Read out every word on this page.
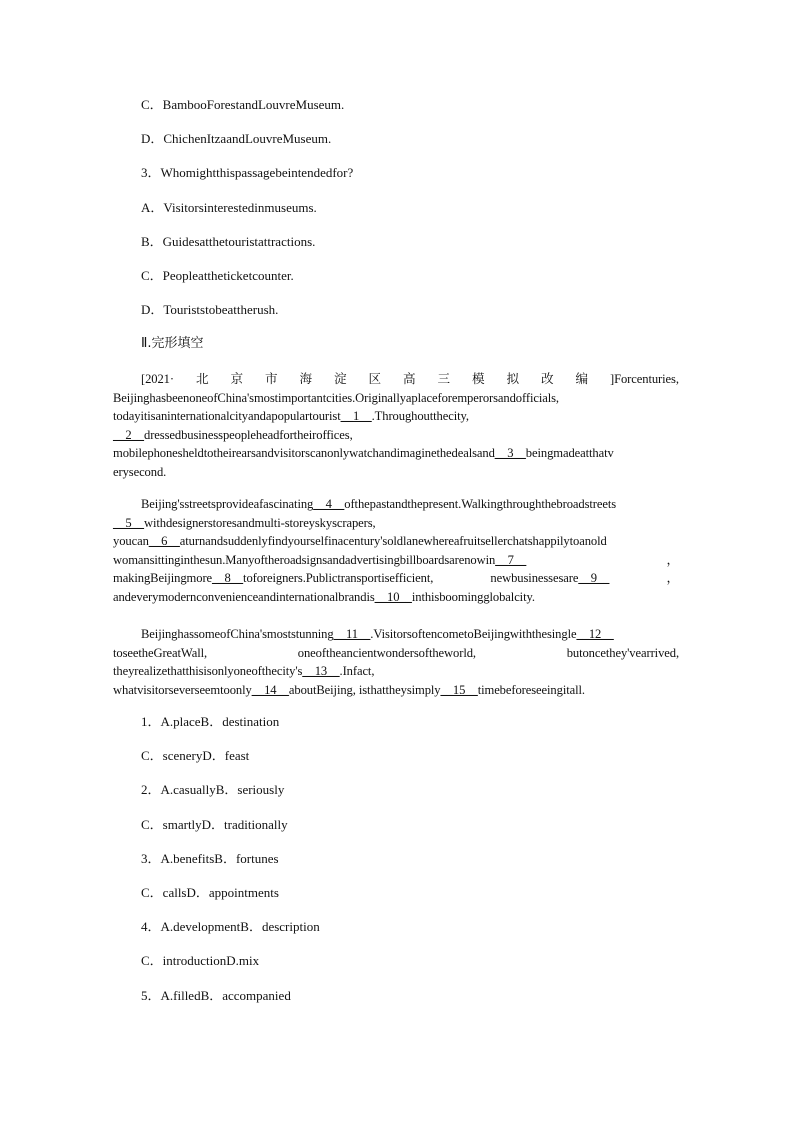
C．BambooForestandLouvreMuseum.
D．ChichenItzaandLouvreMuseum.
3．Whomightthispassagebeintendedfor?
A．Visitorsinterestedinmuseums.
B．Guidesatthetouristattractions.
C．Peopleattheticketcounter.
D．Touriststobeattherush.
Ⅱ.完形填空
[2021· 北 京 市 海 淀 区 高 三 模 拟 改 编 ]Forcenturies,
BeijinghasbeenoneofChina'smostimportantcities.Originallyaplaceforemperorsandofficials,
todayitisaninternationalcityandapopulartourist__1__.Throughoutthecity,
__2__dressedbusinesspeopleheadfortheiroffices,
mobilephonesheldtotheirearsandvisitorscanonlywatchandimaginethedealsand__3__beingmadeatthatv
erysecond.
Beijing'sstreetsprovideafascinating__4__ofthepastandthepresent.Walkingthroughthebroadstreets
__5__withdesignerstoresandmulti-storeyskyscrapers,
youcan__6__aturnandsuddenlyfindyourselfinacentury'soldlanewhereafruitsellerchatshappilytoanold
womansittinginthesun.Manyoftheroadsignsandadvertisingbillboardsarenowin__7__	，
makingBeijingmore__8__toforeigners.Publictransportisefficient,	newbusinessesare__9__	，
andeverymodernconvenienceandinternationalbrandis__10__inthisboomingglobalcity.
BeijinghassomeofChina'smoststunning__11__.VisitorsoftencometoBeijingwiththesingle__12__
toseetheGreatWall,	oneoftheancientwondersoftheworld,	butoncethey'vearrived,
theyrealizethatthisisonlyoneofthecity's__13__.Infact,
whatvisitorseverseemtoonly__14__aboutBeijing, isthattheysimply__15__timebeforeseeingitall.
1．A.placeB．destination
C．sceneryD．feast
2．A.casuallyB．seriously
C．smartlyD．traditionally
3．A.benefitsB．fortunes
C．callsD．appointments
4．A.developmentB．description
C．introductionD.mix
5．A.filledB．accompanied
